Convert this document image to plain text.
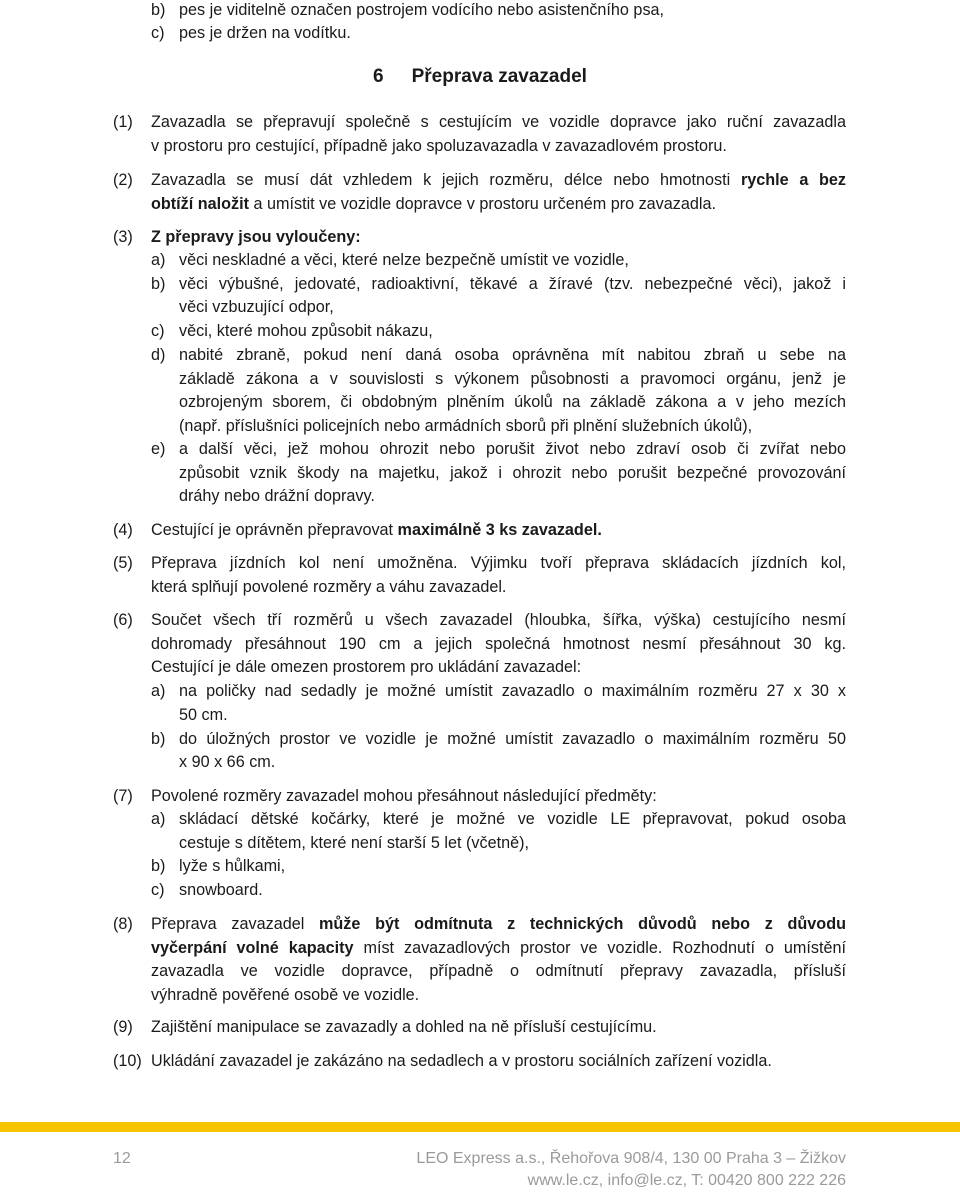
b) pes je viditelně označen postrojem vodícího nebo asistenčního psa,
c) pes je držen na vodítku.
6 Přeprava zavazadel
(1) Zavazadla se přepravují společně s cestujícím ve vozidle dopravce jako ruční zavazadla
v prostoru pro cestující, případně jako spoluzavazadla v zavazadlovém prostoru.
(2) Zavazadla se musí dát vzhledem k jejich rozměru, délce nebo hmotnosti rychle a bez
obtíží naložit a umístit ve vozidle dopravce v prostoru určeném pro zavazadla.
(3) Z přepravy jsou vyloučeny:
a) věci neskladné a věci, které nelze bezpečně umístit ve vozidle,
b) věci výbušné, jedovaté, radioaktivní, těkavé a žíravé (tzv. nebezpečné věci), jakož i
věci vzbuzující odpor,
c) věci, které mohou způsobit nákazu,
d) nabité zbraně, pokud není daná osoba oprávněna mít nabitou zbraň u sebe na
základě zákona a v souvislosti s výkonem působnosti a pravomoci orgánu, jenž je
ozbrojeným sborem, či obdobným plněním úkolů na základě zákona a v jeho mezích
(např. příslušníci policejních nebo armádních sborů při plnění služebních úkolů),
e) a další věci, jež mohou ohrozit nebo porušit život nebo zdraví osob či zvířat nebo
způsobit vznik škody na majetku, jakož i ohrozit nebo porušit bezpečné provozování
dráhy nebo drážní dopravy.
(4) Cestující je oprávněn přepravovat maximálně 3 ks zavazadel.
(5) Přeprava jízdních kol není umožněna. Výjimku tvoří přeprava skládacích jízdních kol,
která splňují povolené rozměry a váhu zavazadel.
(6) Součet všech tří rozměrů u všech zavazadel (hloubka, šířka, výška) cestujícího nesmí
dohromady přesáhnout 190 cm a jejich společná hmotnost nesmí přesáhnout 30 kg.
Cestující je dále omezen prostorem pro ukládání zavazadel:
a) na poličky nad sedadly je možné umístit zavazadlo o maximálním rozměru 27 x 30 x
50 cm.
b) do úložných prostor ve vozidle je možné umístit zavazadlo o maximálním rozměru 50
x 90 x 66 cm.
(7) Povolené rozměry zavazadel mohou přesáhnout následující předměty:
a) skládací dětské kočárky, které je možné ve vozidle LE přepravovat, pokud osoba
cestuje s dítětem, které není starší 5 let (včetně),
b) lyže s hůlkami,
c) snowboard.
(8) Přeprava zavazadel může být odmítnuta z technických důvodů nebo z důvodu
vyčerpání volné kapacity míst zavazadlových prostor ve vozidle. Rozhodnutí o umístění
zavazadla ve vozidle dopravce, případně o odmítnutí přepravy zavazadla, přísluší
výhradně pověřené osobě ve vozidle.
(9) Zajištění manipulace se zavazadly a dohled na ně přísluší cestujícímu.
(10) Ukládání zavazadel je zakázáno na sedadlech a v prostoru sociálních zařízení vozidla.
12	LEO Express a.s., Řehořova 908/4, 130 00 Praha 3 – Žižkov
www.le.cz, info@le.cz, T: 00420 800 222 226
